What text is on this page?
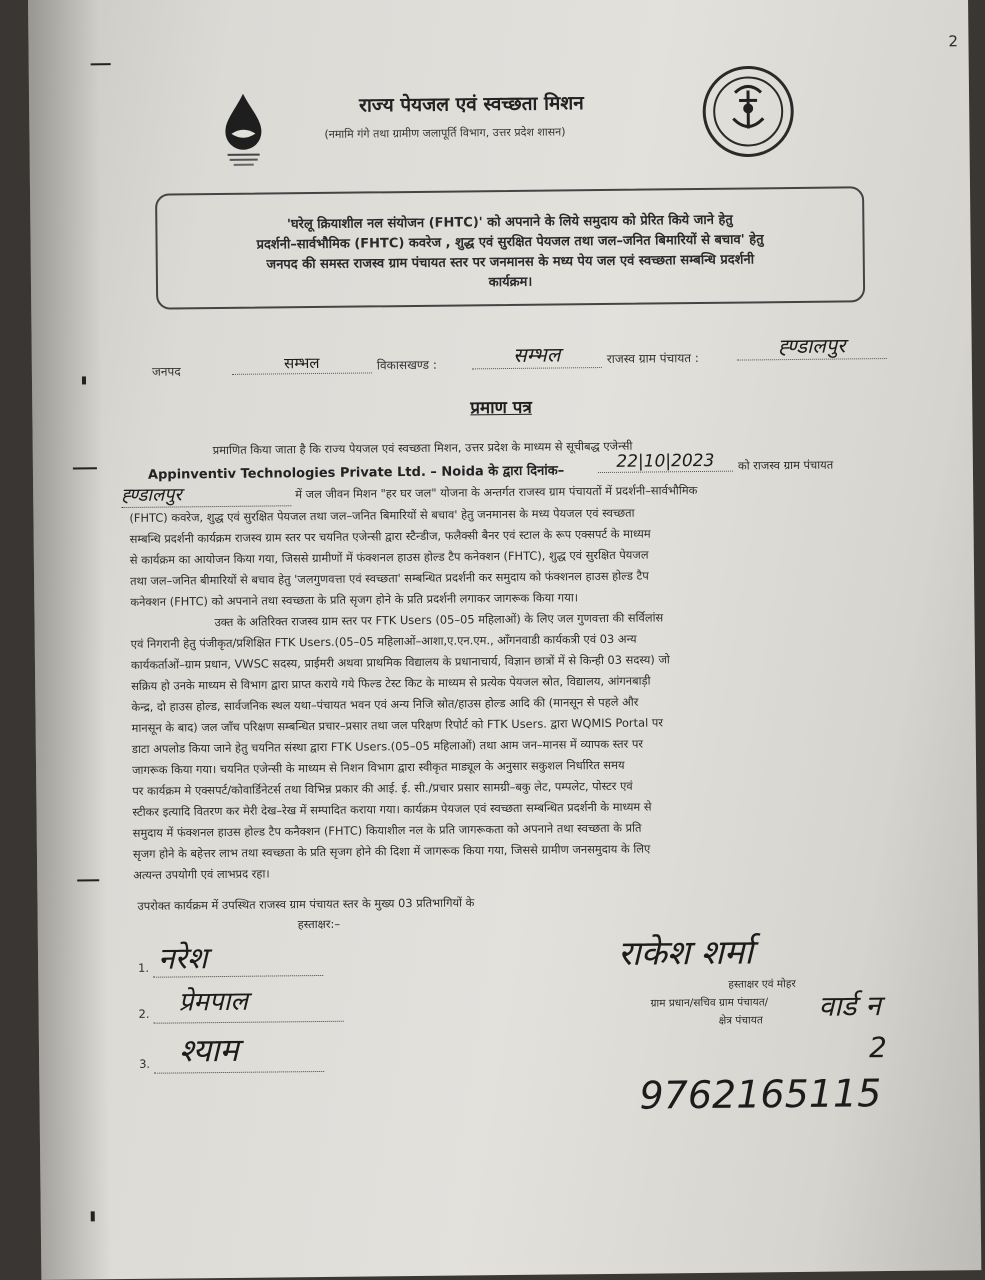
2
राज्य पेयजल एवं स्वच्छता मिशन
(नमामि गंगे तथा ग्रामीण जलापूर्ति विभाग, उत्तर प्रदेश शासन)
'घरेलू क्रियाशील नल संयोजन (FHTC)' को अपनाने के लिये समुदाय को प्रेरित किये जाने हेतु
प्रदर्शनी–सार्वभौमिक (FHTC) कवरेज , शुद्ध एवं सुरक्षित पेयजल तथा जल–जनित बिमारियों से बचाव' हेतु
जनपद की समस्त राजस्व ग्राम पंचायत स्तर पर जनमानस के मध्य पेय जल एवं स्वच्छता सम्बन्धि प्रदर्शनी
कार्यक्रम।
जनपद	सम्भल	विकासखण्ड :	सम्भल	राजस्व ग्राम पंचायत :
ह्ण्डालपुर
प्रमाण पत्र
प्रमाणित किया जाता है कि राज्य पेयजल एवं स्वच्छता मिशन, उत्तर प्रदेश के माध्यम से सूचीबद्ध एजेन्सी
Appinventiv Technologies Private Ltd. – Noida के द्वारा दिनांक–
22|10|2023	को राजस्व ग्राम पंचायत
ह्ण्डालपुर	में जल जीवन मिशन "हर घर जल" योजना के अन्तर्गत राजस्व ग्राम पंचायतों में प्रदर्शनी–सार्वभौमिक
(FHTC) कवरेज, शुद्ध एवं सुरक्षित पेयजल तथा जल–जनित बिमारियों से बचाव' हेतु जनमानस के मध्य पेयजल एवं स्वच्छता
सम्बन्धि प्रदर्शनी कार्यक्रम राजस्व ग्राम स्तर पर चयनित एजेन्सी द्वारा स्टैन्डीज, फलैक्सी बैनर एवं स्टाल के रूप एक्सपर्ट के माध्यम
से कार्यक्रम का आयोजन किया गया, जिससे ग्रामीणों में फंक्शनल हाउस होल्ड टैप कनेक्शन (FHTC), शुद्ध एवं सुरक्षित पेयजल
तथा जल–जनित बीमारियों से बचाव हेतु 'जलगुणवत्ता एवं स्वच्छता' सम्बन्धित प्रदर्शनी कर समुदाय को फंक्शनल हाउस होल्ड टैप
कनेक्शन (FHTC) को अपनाने तथा स्वच्छता के प्रति सृजग होने के प्रति प्रदर्शनी लगाकर जागरूक किया गया।
उक्त के अतिरिक्त राजस्व ग्राम स्तर पर FTK Users (05–05 महिलाओं) के लिए जल गुणवत्ता की सर्विलांस
एवं निगरानी हेतु पंजीकृत/प्रशिक्षित FTK Users.(05–05 महिलाओं–आशा,ए.एन.एम., आँगनवाडी कार्यकत्री एवं 03 अन्य
कार्यकर्ताओं–ग्राम प्रधान, VWSC सदस्य, प्राईमरी अथवा प्राथमिक विद्यालय के प्रधानाचार्य, विज्ञान छात्रों में से किन्ही 03 सदस्य) जो
सक्रिय हो उनके माध्यम से विभाग द्वारा प्राप्त कराये गये फिल्ड टेस्ट किट के माध्यम से प्रत्येक पेयजल स्रोत, विद्यालय, आंगनबाड़ी
केन्द्र, दो हाउस होल्ड, सार्वजनिक स्थल यथा–पंचायत भवन एवं अन्य निजि स्रोत/हाउस होल्ड आदि की (मानसून से पहले और
मानसून के बाद) जल जाँच परिक्षण सम्बन्धित प्रचार–प्रसार तथा जल परिक्षण रिपोर्ट को FTK Users. द्वारा WQMIS Portal पर
डाटा अपलोड किया जाने हेतु चयनित संस्था द्वारा FTK Users.(05–05 महिलाओं) तथा आम जन–मानस में व्यापक स्तर पर
जागरूक किया गया। चयनित एजेन्सी के माध्यम से निशन विभाग द्वारा स्वीकृत माड्यूल के अनुसार सकुशल निर्धारित समय
पर कार्यक्रम मे एक्सपर्ट/कोवार्डिनेटर्स तथा विभिन्न प्रकार की आई. ई. सी./प्रचार प्रसार सामग्री–बकु लेट, पम्पलेट, पोस्टर एवं
स्टीकर इत्यादि वितरण कर मेरी देख–रेख में सम्पादित कराया गया। कार्यक्रम पेयजल एवं स्वच्छता सम्बन्धित प्रदर्शनी के माध्यम से
समुदाय में फंक्शनल हाउस होल्ड टैप कनैक्शन (FHTC) कियाशील नल के प्रति जागरूकता को अपनाने तथा स्वच्छता के प्रति
सृजग होने के बहेत्तर लाभ तथा स्वच्छता के प्रति सृजग होने की दिशा में जागरूक किया गया, जिससे ग्रामीण जनसमुदाय के लिए
अत्यन्त उपयोगी एवं लाभप्रद रहा।
उपरोक्त कार्यक्रम में उपस्थित राजस्व ग्राम पंचायत स्तर के मुख्य 03 प्रतिभागियों के
हस्ताक्षर:–
1. नरेश
2. प्रेमपाल
3. श्याम
राकेश शर्मा
हस्ताक्षर एवं मोहर
ग्राम प्रधान/सचिव ग्राम पंचायत/
क्षेत्र पंचायत वार्ड न
2
9762165115
